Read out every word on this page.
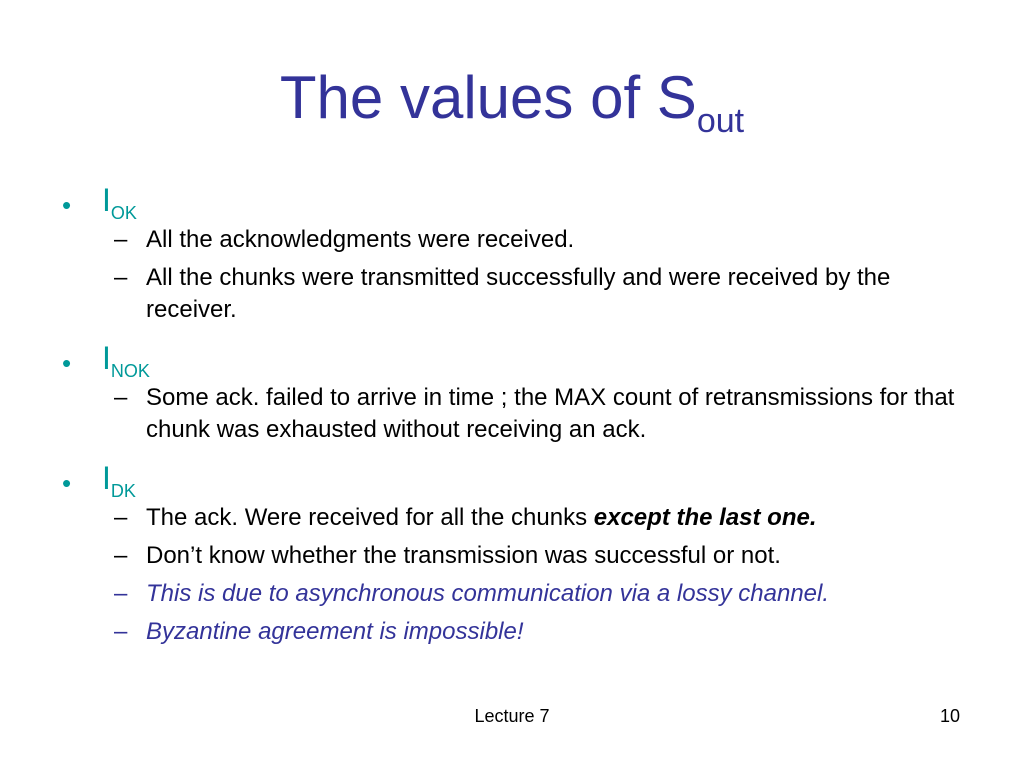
The values of $S_{out}$
• $I_{OK}$
– All the acknowledgments were received.
– All the chunks were transmitted successfully and were received by the receiver.
• $I_{NOK}$
– Some ack. failed to arrive in time ; the MAX count of retransmissions for that chunk was exhausted without receiving an ack.
• $I_{DK}$
– The ack. Were received for all the chunks except the last one.
– Don’t know whether the transmission was successful or not.
– This is due to asynchronous communication via a lossy channel.
– Byzantine agreement is impossible!
Lecture 7	10
